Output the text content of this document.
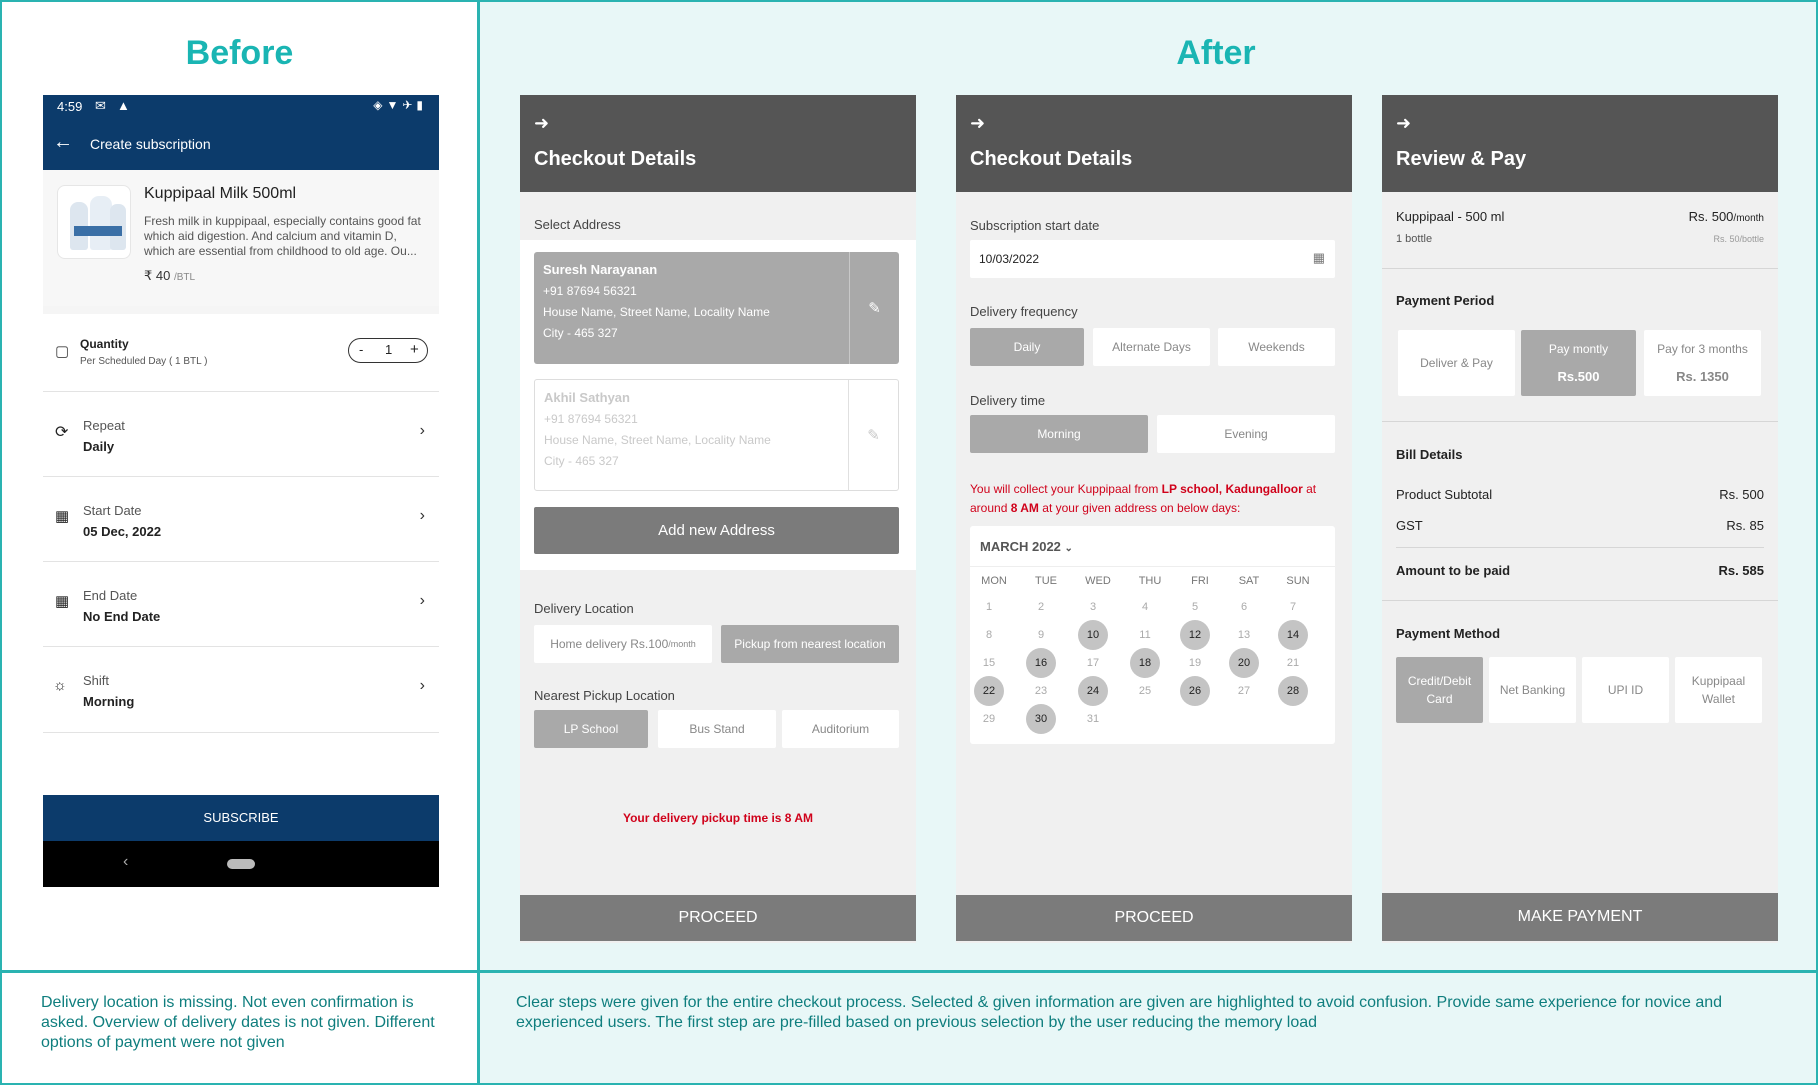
Before
4:59 ✉ ▲	◈▼✈▮
← Create subscription
Kuppipaal Milk 500ml
Fresh milk in kuppipaal, especially contains good fat which aid digestion. And calcium and vitamin D, which are essential from childhood to old age. Ou...
₹ 40 /BTL
▢ Quantity
Per Scheduled Day ( 1 BTL )
- 1 +
⟳ Repeat
Daily
›
▦ Start Date
05 Dec, 2022
›
▦ End Date
No End Date
›
☼ Shift
Morning
›
SUBSCRIBE
‹
After
➜
Checkout Details
Select Address
Suresh Narayanan
+91 87694 56321
House Name, Street Name, Locality Name
City - 465 327
✎
Akhil Sathyan
+91 87694 56321
House Name, Street Name, Locality Name
City - 465 327
✎
Add new Address
Delivery Location
Home delivery Rs.100 /month	Pickup from nearest location
Nearest Pickup Location
LP School	Bus Stand	Auditorium
Your delivery pickup time is 8 AM
PROCEED
➜
Checkout Details
Subscription start date
10/03/2022	▦
Delivery frequency
Daily	Alternate Days	Weekends
Delivery time
Morning	Evening
You will collect your Kuppipaal from LP school, Kadungalloor at around 8 AM at your given address on below days:
MARCH 2022 ⌄
MON	TUE	WED	THU	FRI	SAT	SUN
1	2	3	4	5	6	7
8	9	10	11	12	13	14
15	16	17	18	19	20	21
22	23	24	25	26	27	28
29	30	31
PROCEED
➜
Review & Pay
Kuppipaal - 500 ml
1 bottle
Rs. 500/month
Rs. 50/bottle
Payment Period
Deliver & Pay
Pay montly
Rs.500
Pay for 3 months
Rs. 1350
Bill Details
Product Subtotal	Rs. 500
GST	Rs. 85
Amount to be paid	Rs. 585
Payment Method
Credit/Debit Card
Net Banking	UPI ID
Kuppipaal Wallet
MAKE PAYMENT
Delivery location is missing. Not even confirmation is asked. Overview of delivery dates is not given. Different options of payment were not given
Clear steps were given for the entire checkout process. Selected & given information are given are highlighted to avoid confusion. Provide same experience for novice and experienced users. The first step are pre-filled based on previous selection by the user reducing the memory load
